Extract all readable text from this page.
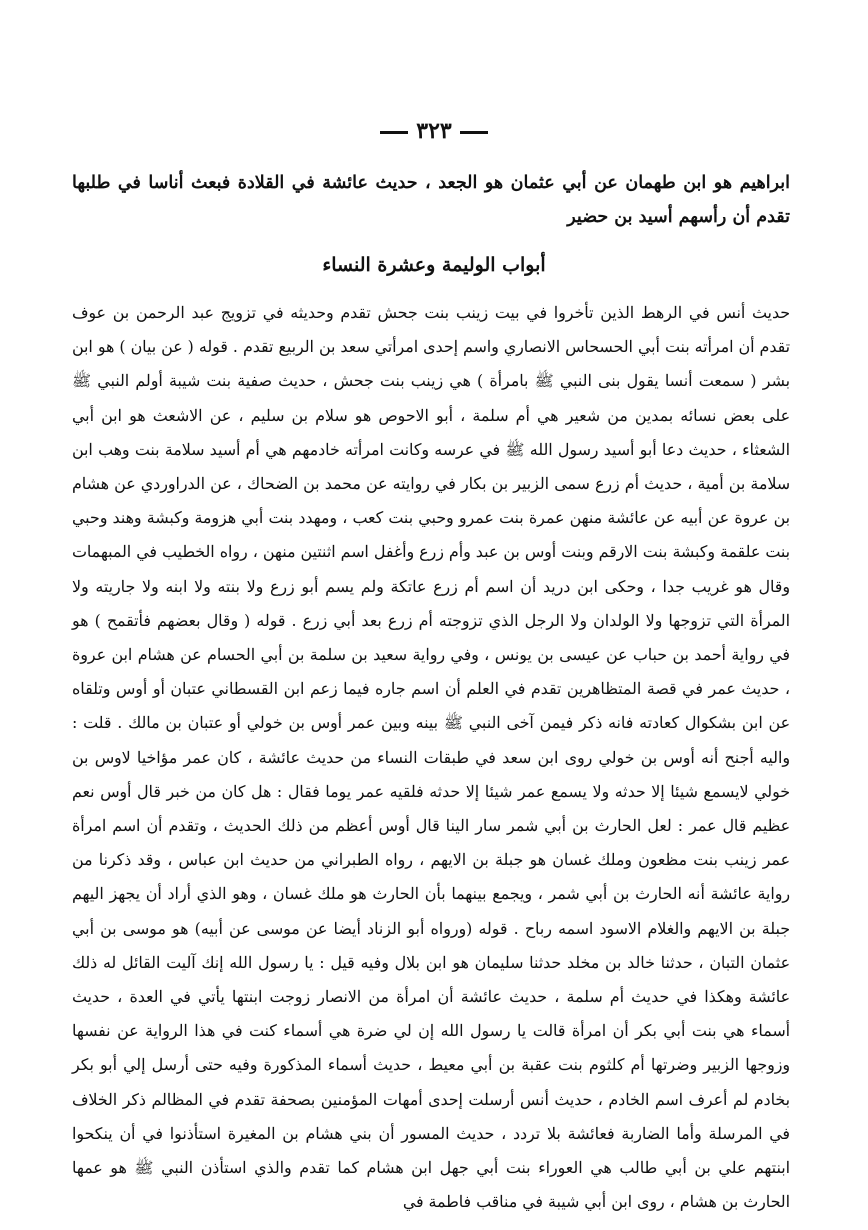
٣٢٣
ابراهيم هو ابن طهمان عن أبي عثمان هو الجعد ، حديث عائشة في القلادة فبعث أناسا في طلبها تقدم أن رأسهم أسيد بن حضير
أبواب الوليمة وعشرة النساء

حديث أنس في الرهط الذين تأخروا في بيت زينب بنت جحش تقدم وحديثه في تزويج عبد الرحمن بن عوف تقدم أن امرأته بنت أبي الحسحاس الانصاري واسم إحدى امرأتي سعد بن الربيع تقدم . قوله ( عن بيان ) هو ابن بشر ( سمعت أنسا يقول بنى النبي ﷺ بامرأة ) هي زينب بنت جحش ، حديث صفية بنت شيبة أولم النبي ﷺ على بعض نسائه بمدين من شعير هي أم سلمة ، أبو الاحوص هو سلام بن سليم ، عن الاشعث هو ابن أبي الشعثاء ، حديث دعا أبو أسيد رسول الله ﷺ في عرسه وكانت امرأته خادمهم هي أم أسيد سلامة بنت وهب ابن سلامة بن أمية ، حديث أم زرع سمى الزبير بن بكار في روايته عن محمد بن الضحاك ، عن الدراوردي عن هشام بن عروة عن أبيه عن عائشة منهن عمرة بنت عمرو وحبي بنت كعب ، ومهدد بنت أبي هزومة وكبشة وهند وحبي بنت علقمة وكبشة بنت الارقم وبنت أوس بن عبد وأم زرع وأغفل اسم اثنتين منهن ، رواه الخطيب في المبهمات وقال هو غريب جدا ، وحكى ابن دريد أن اسم أم زرع عاتكة ولم يسم أبو زرع ولا بنته ولا ابنه ولا جاريته ولا المرأة التي تزوجها ولا الولدان ولا الرجل الذي تزوجته أم زرع بعد أبي زرع . قوله ( وقال بعضهم فأتقمح ) هو في رواية أحمد بن حباب عن عيسى بن يونس ، وفي رواية سعيد بن سلمة بن أبي الحسام عن هشام ابن عروة ، حديث عمر في قصة المتظاهرين تقدم في العلم أن اسم جاره فيما زعم ابن القسطاني عتبان أو أوس وتلقاه عن ابن بشكوال كعادته فانه ذكر فيمن آخى النبي ﷺ بينه وبين عمر أوس بن خولي أو عتبان بن مالك . قلت : واليه أجنح أنه أوس بن خولي روى ابن سعد في طبقات النساء من حديث عائشة ، كان عمر مؤاخيا لاوس بن خولي لايسمع شيئا إلا حدثه ولا يسمع عمر شيئا إلا حدثه فلقيه عمر يوما فقال : هل كان من خبر قال أوس نعم عظيم قال عمر : لعل الحارث بن أبي شمر سار الينا قال أوس أعظم من ذلك الحديث ، وتقدم أن اسم امرأة عمر زينب بنت مظعون وملك غسان هو جبلة بن الايهم ، رواه الطبراني من حديث ابن عباس ، وقد ذكرنا من رواية عائشة أنه الحارث بن أبي شمر ، ويجمع بينهما بأن الحارث هو ملك غسان ، وهو الذي أراد أن يجهز اليهم جبلة بن الايهم والغلام الاسود اسمه رباح . قوله (ورواه أبو الزناد أيضا عن موسى عن أبيه) هو موسى بن أبي عثمان التبان ، حدثنا خالد بن مخلد حدثنا سليمان هو ابن بلال وفيه قيل : يا رسول الله إنك آليت القائل له ذلك عائشة وهكذا في حديث أم سلمة ، حديث عائشة أن امرأة من الانصار زوجت ابنتها يأتي في العدة ، حديث أسماء هي بنت أبي بكر أن امرأة قالت يا رسول الله إن لي ضرة هي أسماء كنت في هذا الرواية عن نفسها وزوجها الزبير وضرتها أم كلثوم بنت عقبة بن أبي معيط ، حديث أسماء المذكورة وفيه حتى أرسل إلي أبو بكر بخادم لم أعرف اسم الخادم ، حديث أنس أرسلت إحدى أمهات المؤمنين بصحفة تقدم في المظالم ذكر الخلاف في المرسلة وأما الضاربة فعائشة بلا تردد ، حديث المسور أن بني هشام بن المغيرة استأذنوا في أن ينكحوا ابنتهم علي بن أبي طالب هي العوراء بنت أبي جهل ابن هشام كما تقدم والذي استأذن النبي ﷺ هو عمها الحارث بن هشام ، روى ابن أبي شيبة في مناقب فاطمة في
